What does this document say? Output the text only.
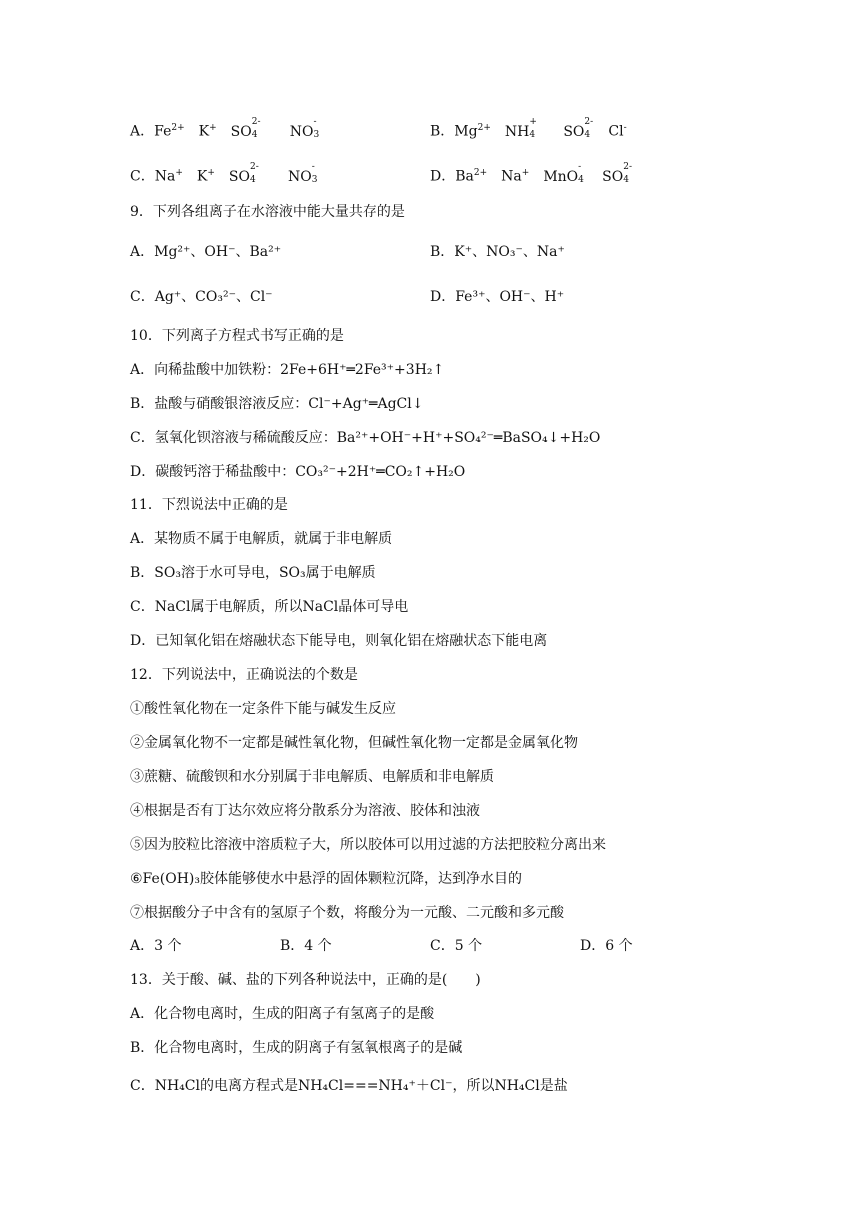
A．$Fe^{2+}$ K+ SO
2-
4 NO
-
3	B．$Mg^{2+}$ NH
+
4 SO
2-
4 Cl-
C．Na+ K+ SO
2-
4 NO
-
3	D．$Ba^{2+}$ Na+ MnO
-
4 SO
2-
4
9．下列各组离子在水溶液中能大量共存的是
A．Mg²⁺、OH⁻、Ba²⁺	B．K⁺、NO₃⁻、Na⁺
C．Ag⁺、CO₃²⁻、Cl⁻	D．Fe³⁺、OH⁻、H⁺
10．下列离子方程式书写正确的是
A．向稀盐酸中加铁粉：2Fe+6H⁺═2Fe³⁺+3H₂↑
B．盐酸与硝酸银溶液反应：Cl⁻+Ag⁺═AgCl↓
C．氢氧化钡溶液与稀硫酸反应：Ba²⁺+OH⁻+H⁺+SO₄²⁻═BaSO₄↓+H₂O
D．碳酸钙溶于稀盐酸中：CO₃²⁻+2H⁺═CO₂↑+H₂O
11．下烈说法中正确的是
A．某物质不属于电解质，就属于非电解质
B．SO₃溶于水可导电，SO₃属于电解质
C．NaCl属于电解质，所以NaCl晶体可导电
D．已知氧化铝在熔融状态下能导电，则氧化铝在熔融状态下能电离
12．下列说法中，正确说法的个数是
①酸性氧化物在一定条件下能与碱发生反应
②金属氧化物不一定都是碱性氧化物，但碱性氧化物一定都是金属氧化物
③蔗糖、硫酸钡和水分别属于非电解质、电解质和非电解质
④根据是否有丁达尔效应将分散系分为溶液、胶体和浊液
⑤因为胶粒比溶液中溶质粒子大，所以胶体可以用过滤的方法把胶粒分离出来
⑥Fe(OH)₃胶体能够使水中悬浮的固体颗粒沉降，达到净水目的
⑦根据酸分子中含有的氢原子个数，将酸分为一元酸、二元酸和多元酸
A．3 个	B．4 个	C．5 个	D．6 个
13．关于酸、碱、盐的下列各种说法中，正确的是(　　)
A．化合物电离时，生成的阳离子有氢离子的是酸
B．化合物电离时，生成的阴离子有氢氧根离子的是碱
C．NH₄Cl的电离方程式是NH₄Cl===NH₄⁺＋Cl⁻，所以NH₄Cl是盐
